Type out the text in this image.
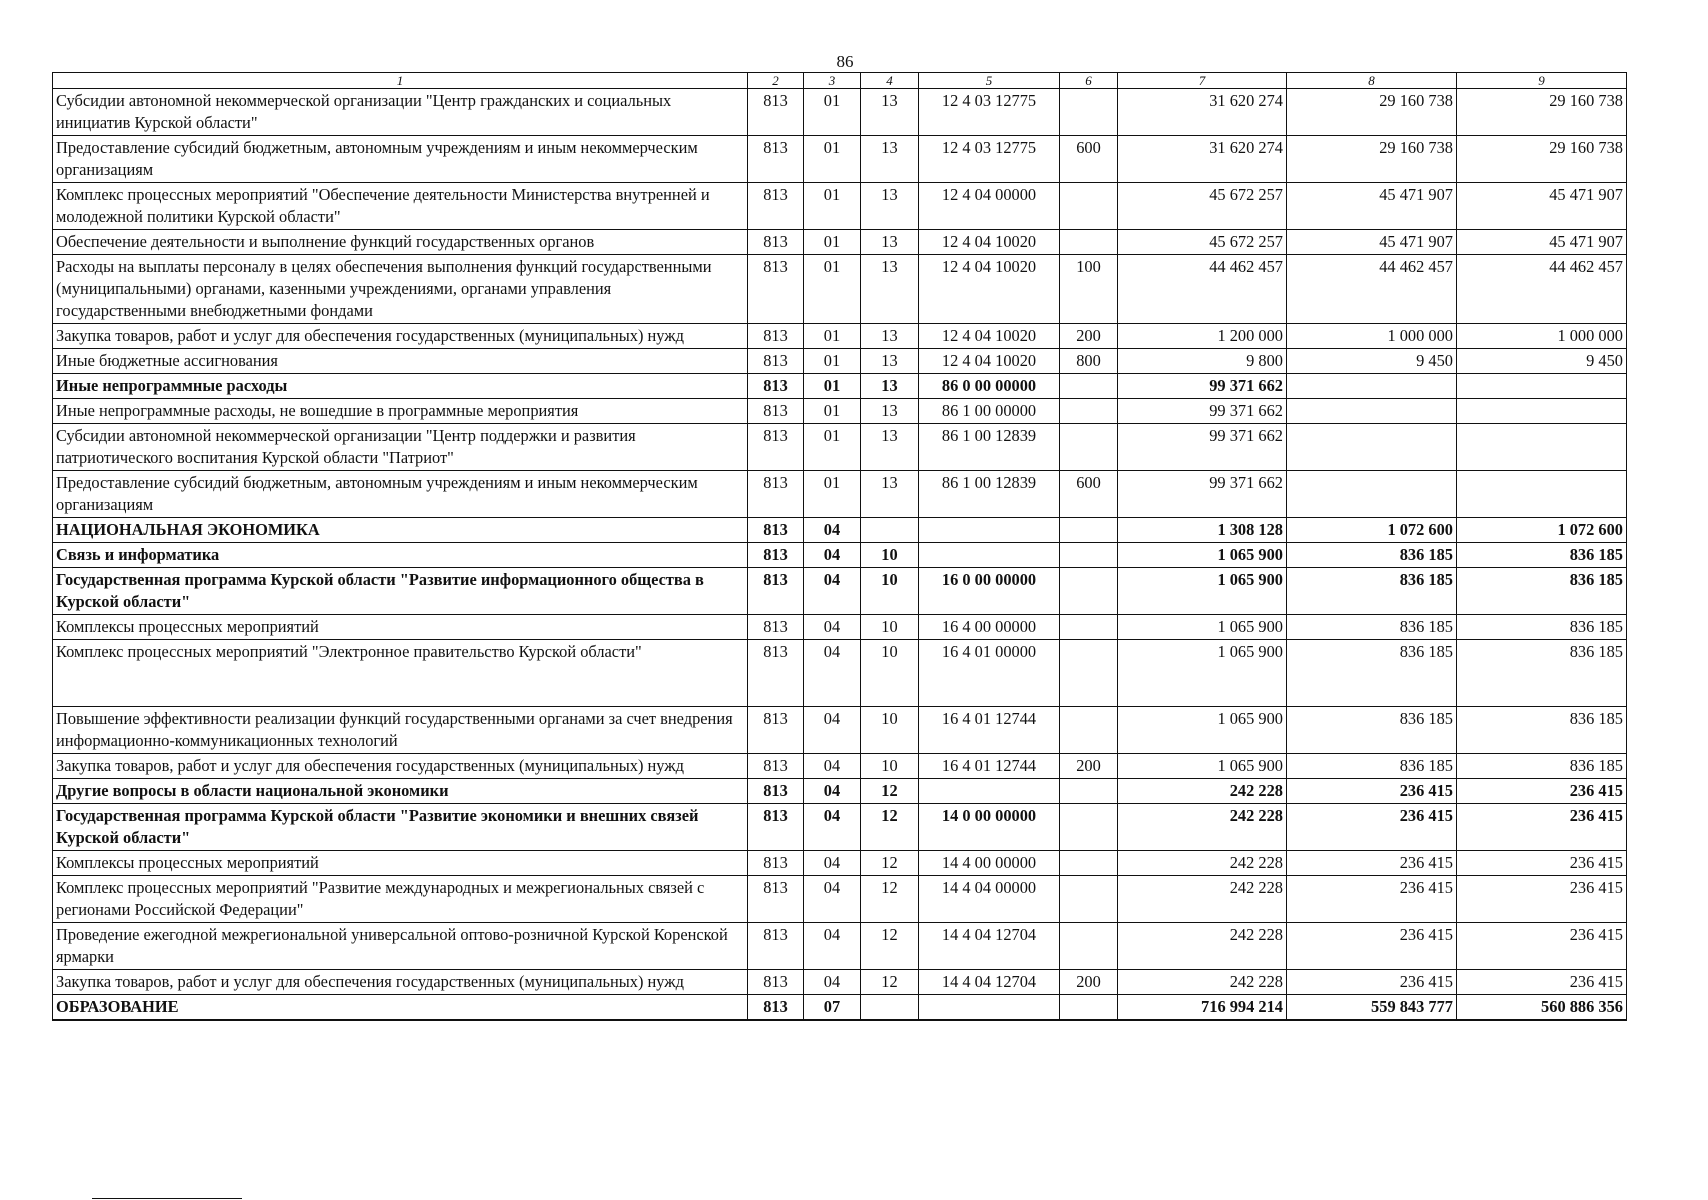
86
1	2	3	4	5	6	7	8	9
Субсидии автономной некоммерческой организации "Центр гражданских и социальных инициатив Курской области"	813	01	13	12 4 03 12775		31 620 274	29 160 738	29 160 738
Предоставление субсидий бюджетным, автономным учреждениям и иным некоммерческим организациям	813	01	13	12 4 03 12775	600	31 620 274	29 160 738	29 160 738
Комплекс процессных мероприятий "Обеспечение деятельности Министерства внутренней и молодежной политики Курской области"	813	01	13	12 4 04 00000		45 672 257	45 471 907	45 471 907
Обеспечение деятельности и выполнение функций государственных органов	813	01	13	12 4 04 10020		45 672 257	45 471 907	45 471 907
Расходы на выплаты персоналу в целях обеспечения выполнения функций государственными (муниципальными) органами, казенными учреждениями, органами управления государственными внебюджетными фондами	813	01	13	12 4 04 10020	100	44 462 457	44 462 457	44 462 457
Закупка товаров, работ и услуг для обеспечения государственных (муниципальных) нужд	813	01	13	12 4 04 10020	200	1 200 000	1 000 000	1 000 000
Иные бюджетные ассигнования	813	01	13	12 4 04 10020	800	9 800	9 450	9 450
Иные непрограммные расходы	813	01	13	86 0 00 00000		99 371 662		
Иные непрограммные расходы, не вошедшие в программные мероприятия	813	01	13	86 1 00 00000		99 371 662		
Субсидии автономной некоммерческой организации "Центр поддержки и развития патриотического воспитания Курской области "Патриот"	813	01	13	86 1 00 12839		99 371 662		
Предоставление субсидий бюджетным, автономным учреждениям и иным некоммерческим организациям	813	01	13	86 1 00 12839	600	99 371 662		
НАЦИОНАЛЬНАЯ ЭКОНОМИКА	813	04				1 308 128	1 072 600	1 072 600
Связь и информатика	813	04	10			1 065 900	836 185	836 185
Государственная программа Курской области "Развитие информационного общества в Курской области"	813	04	10	16 0 00 00000		1 065 900	836 185	836 185
Комплексы процессных мероприятий	813	04	10	16 4 00 00000		1 065 900	836 185	836 185
Комплекс процессных мероприятий "Электронное правительство Курской области"	813	04	10	16 4 01 00000		1 065 900	836 185	836 185
Повышение эффективности реализации функций государственными органами за счет внедрения информационно-коммуникационных технологий	813	04	10	16 4 01 12744		1 065 900	836 185	836 185
Закупка товаров, работ и услуг для обеспечения государственных (муниципальных) нужд	813	04	10	16 4 01 12744	200	1 065 900	836 185	836 185
Другие вопросы в области национальной экономики	813	04	12			242 228	236 415	236 415
Государственная программа Курской области "Развитие экономики и внешних связей Курской области"	813	04	12	14 0 00 00000		242 228	236 415	236 415
Комплексы процессных мероприятий	813	04	12	14 4 00 00000		242 228	236 415	236 415
Комплекс процессных мероприятий "Развитие международных и межрегиональных связей с регионами Российской Федерации"	813	04	12	14 4 04 00000		242 228	236 415	236 415
Проведение ежегодной межрегиональной универсальной оптово-розничной Курской Коренской ярмарки	813	04	12	14 4 04 12704		242 228	236 415	236 415
Закупка товаров, работ и услуг для обеспечения государственных (муниципальных) нужд	813	04	12	14 4 04 12704	200	242 228	236 415	236 415
ОБРАЗОВАНИЕ	813	07				716 994 214	559 843 777	560 886 356
